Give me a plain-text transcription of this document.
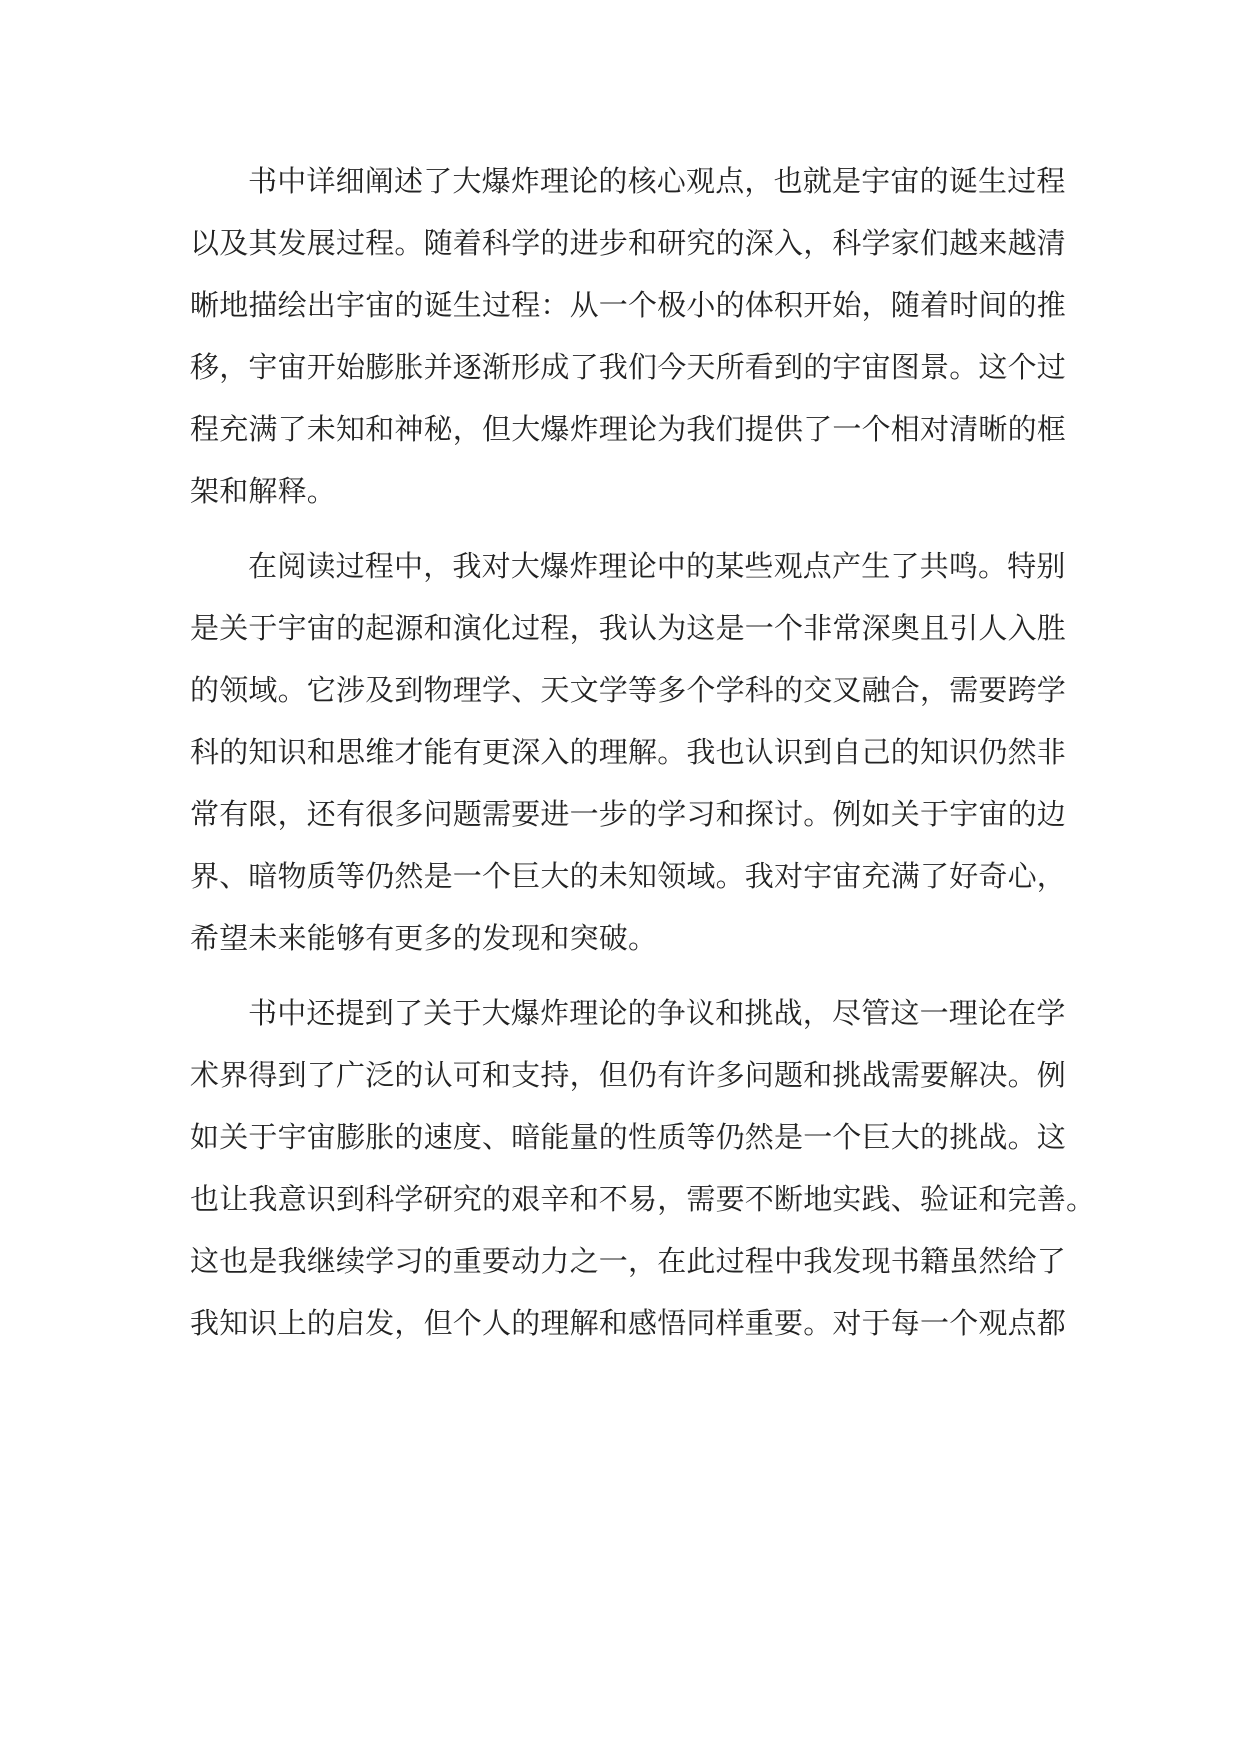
书中详细阐述了大爆炸理论的核心观点，也就是宇宙的诞生过程
以及其发展过程。随着科学的进步和研究的深入，科学家们越来越清
晰地描绘出宇宙的诞生过程：从一个极小的体积开始，随着时间的推
移，宇宙开始膨胀并逐渐形成了我们今天所看到的宇宙图景。这个过
程充满了未知和神秘，但大爆炸理论为我们提供了一个相对清晰的框
架和解释。
在阅读过程中，我对大爆炸理论中的某些观点产生了共鸣。特别
是关于宇宙的起源和演化过程，我认为这是一个非常深奥且引人入胜
的领域。它涉及到物理学、天文学等多个学科的交叉融合，需要跨学
科的知识和思维才能有更深入的理解。我也认识到自己的知识仍然非
常有限，还有很多问题需要进一步的学习和探讨。例如关于宇宙的边
界、暗物质等仍然是一个巨大的未知领域。我对宇宙充满了好奇心，
希望未来能够有更多的发现和突破。
书中还提到了关于大爆炸理论的争议和挑战，尽管这一理论在学
术界得到了广泛的认可和支持，但仍有许多问题和挑战需要解决。例
如关于宇宙膨胀的速度、暗能量的性质等仍然是一个巨大的挑战。这
也让我意识到科学研究的艰辛和不易，需要不断地实践、验证和完善。
这也是我继续学习的重要动力之一，在此过程中我发现书籍虽然给了
我知识上的启发，但个人的理解和感悟同样重要。对于每一个观点都
